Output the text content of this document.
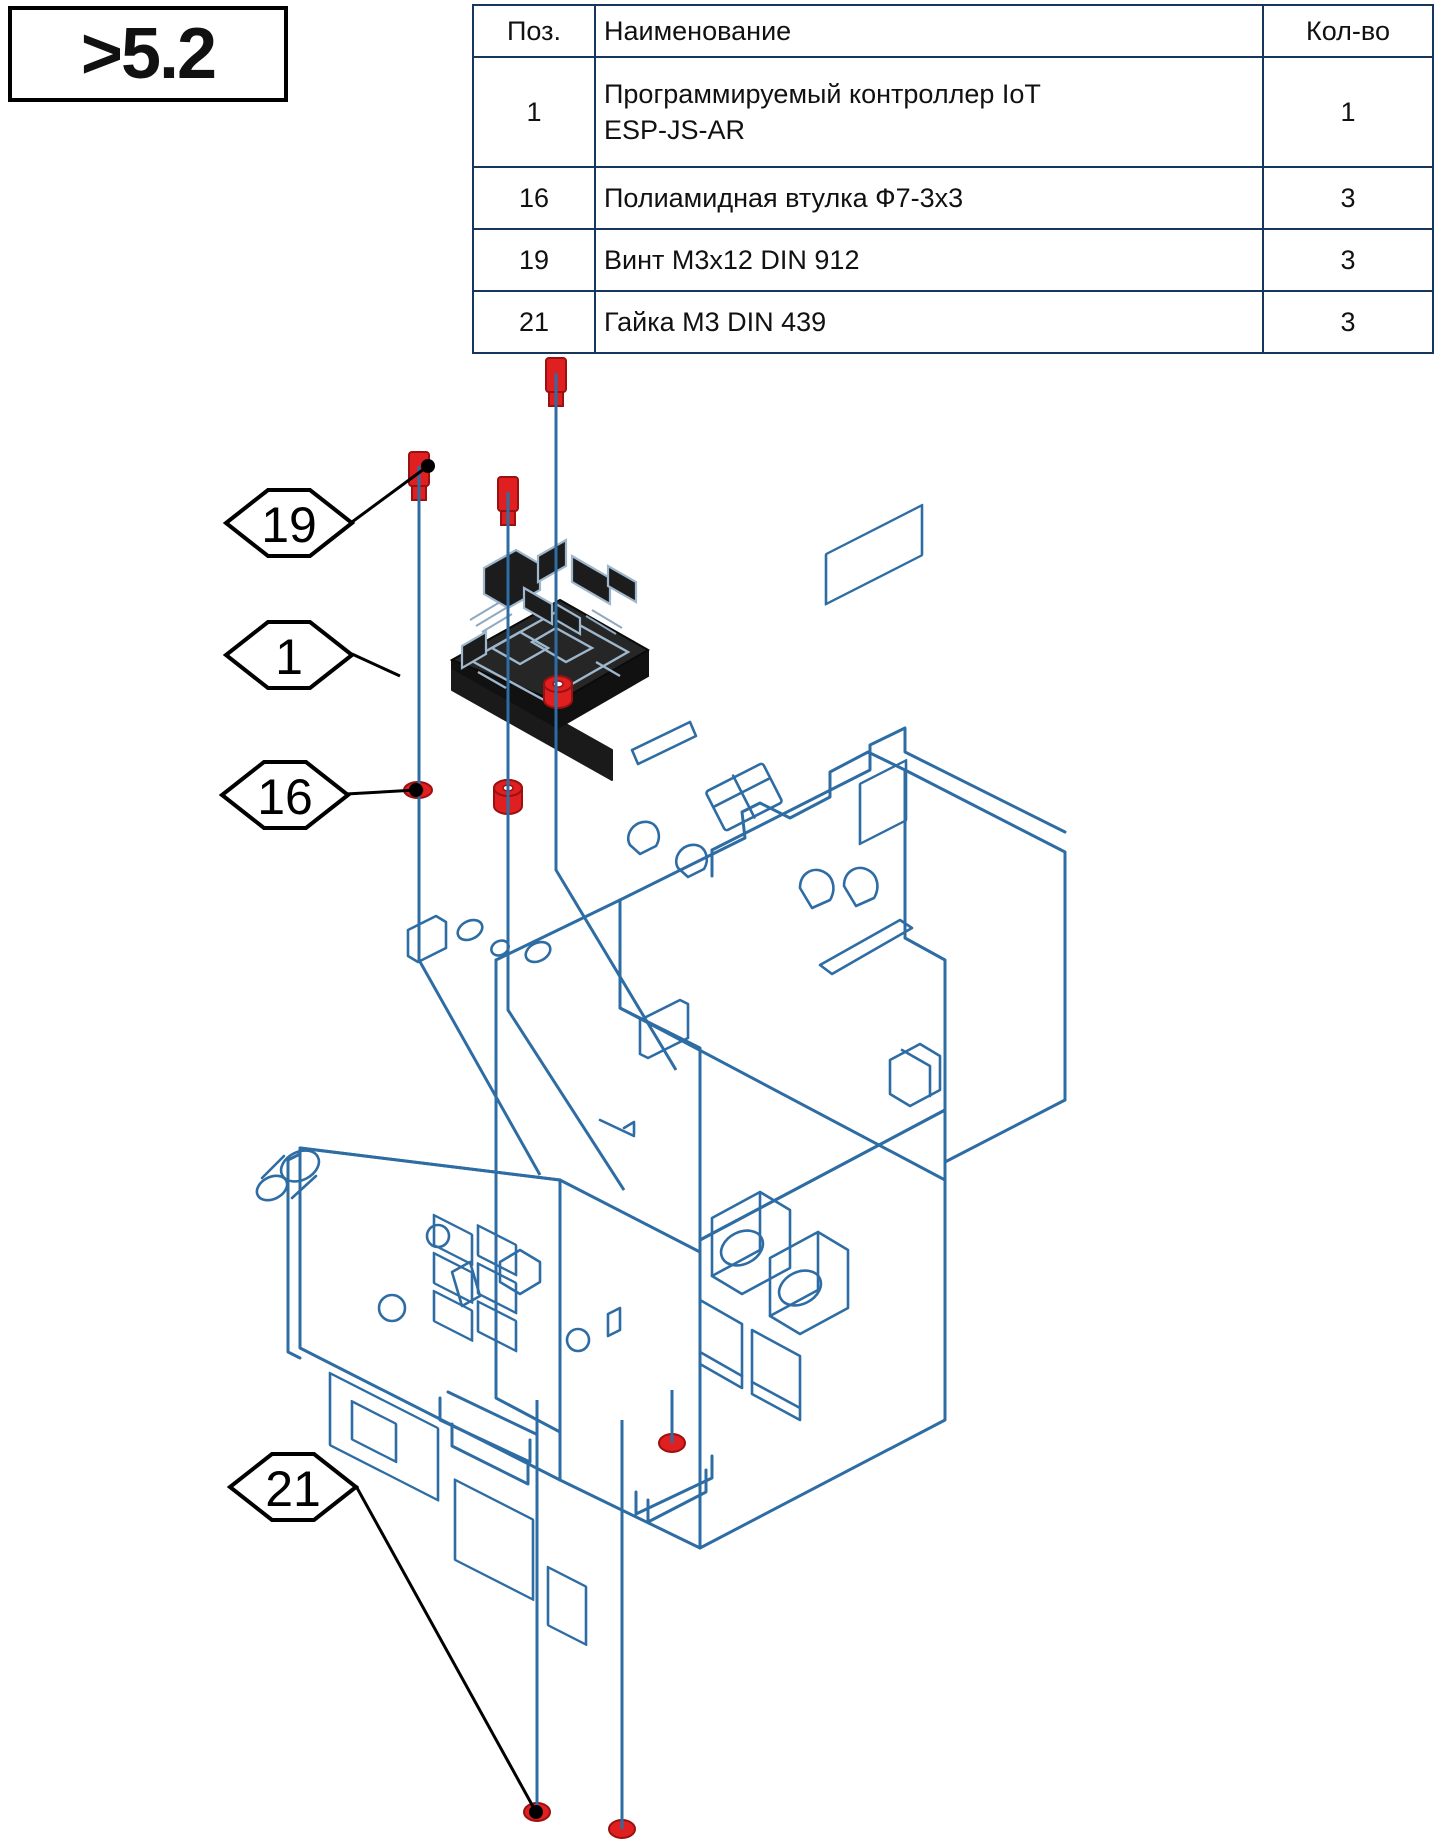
>5.2	Поз.	Наименование	Кол-во
1	Программируемый контроллер IoT
ESP-JS-AR	1
16	Полиамидная втулка Ф7-3х3	3
19	Винт М3х12 DIN 912	3
21	Гайка М3 DIN 439	3
19
1
16
21
